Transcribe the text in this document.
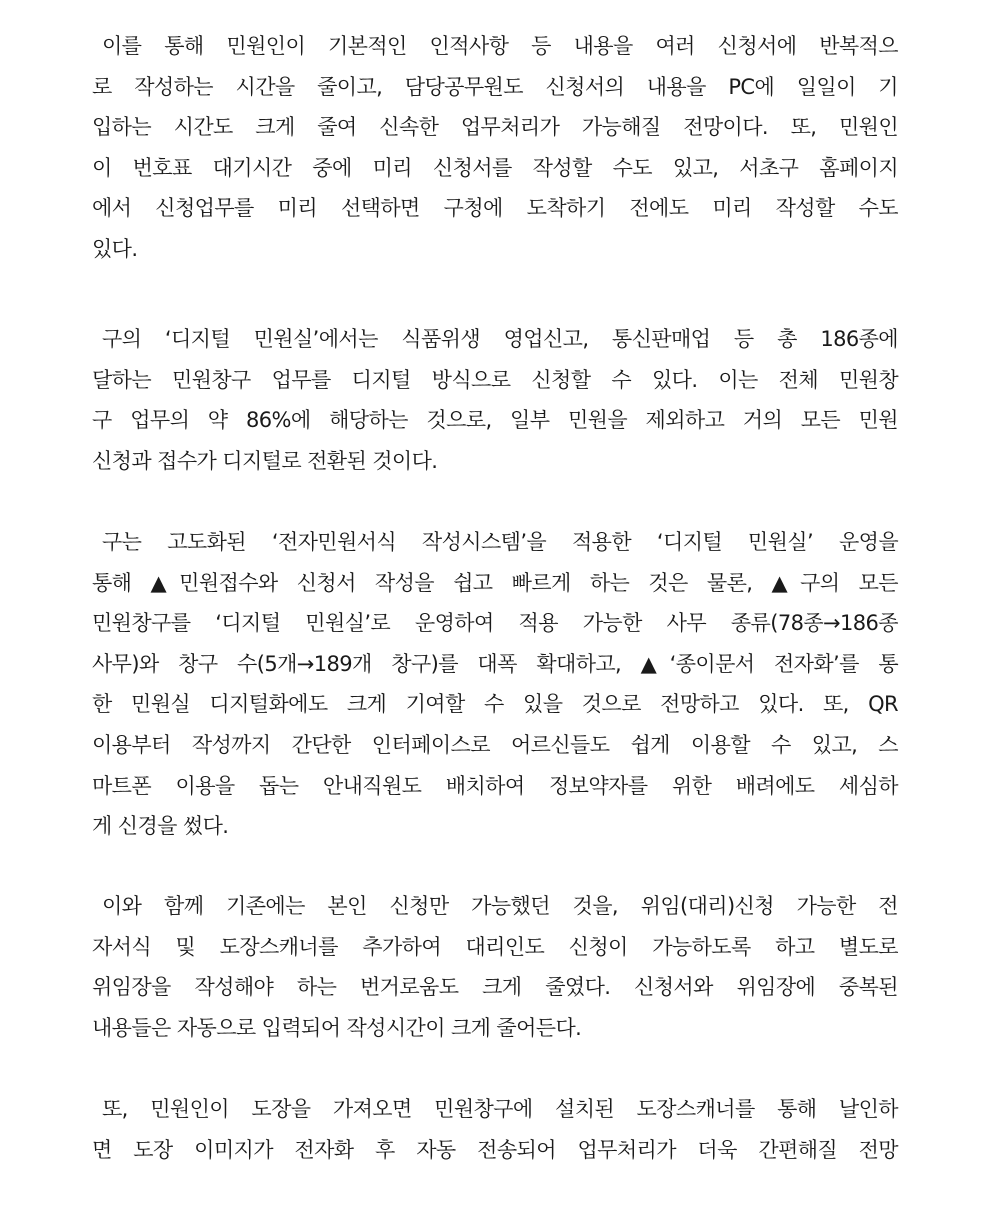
이를 통해 민원인이 기본적인 인적사항 등 내용을 여러 신청서에 반복적으
로 작성하는 시간을 줄이고, 담당공무원도 신청서의 내용을 PC에 일일이 기
입하는 시간도 크게 줄여 신속한 업무처리가 가능해질 전망이다. 또, 민원인
이 번호표 대기시간 중에 미리 신청서를 작성할 수도 있고, 서초구 홈페이지
에서 신청업무를 미리 선택하면 구청에 도착하기 전에도 미리 작성할 수도
있다.
구의 ‘디지털 민원실’에서는 식품위생 영업신고, 통신판매업 등 총 186종에
달하는 민원창구 업무를 디지털 방식으로 신청할 수 있다. 이는 전체 민원창
구 업무의 약 86%에 해당하는 것으로, 일부 민원을 제외하고 거의 모든 민원
신청과 접수가 디지털로 전환된 것이다.
구는 고도화된 ‘전자민원서식 작성시스템’을 적용한 ‘디지털 민원실’ 운영을
통해 ▲민원접수와 신청서 작성을 쉽고 빠르게 하는 것은 물론, ▲구의 모든
민원창구를 ‘디지털 민원실’로 운영하여 적용 가능한 사무 종류(78종→186종
사무)와 창구 수(5개→189개 창구)를 대폭 확대하고, ▲‘종이문서 전자화’를 통
한 민원실 디지털화에도 크게 기여할 수 있을 것으로 전망하고 있다. 또, QR
이용부터 작성까지 간단한 인터페이스로 어르신들도 쉽게 이용할 수 있고, 스
마트폰 이용을 돕는 안내직원도 배치하여 정보약자를 위한 배려에도 세심하
게 신경을 썼다.
이와 함께 기존에는 본인 신청만 가능했던 것을, 위임(대리)신청 가능한 전
자서식 및 도장스캐너를 추가하여 대리인도 신청이 가능하도록 하고 별도로
위임장을 작성해야 하는 번거로움도 크게 줄였다. 신청서와 위임장에 중복된
내용들은 자동으로 입력되어 작성시간이 크게 줄어든다.
또, 민원인이 도장을 가져오면 민원창구에 설치된 도장스캐너를 통해 날인하
면 도장 이미지가 전자화 후 자동 전송되어 업무처리가 더욱 간편해질 전망
